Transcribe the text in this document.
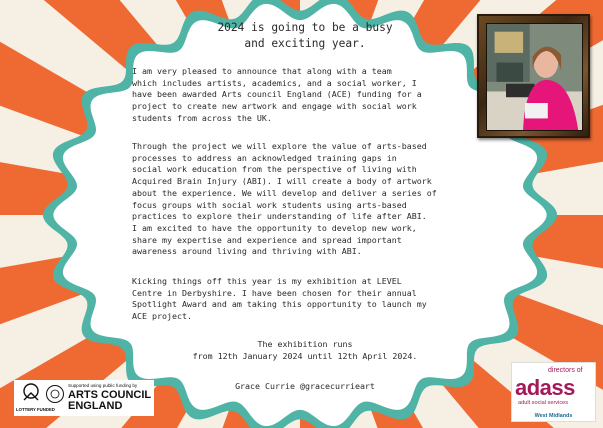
2024 is going to be a busy
and exciting year.
I am very pleased to announce that along with a team
which includes artists, academics, and a social worker, I
have been awarded Arts council England (ACE) funding for a
project to create new artwork and engage with social work
students from across the UK.
Through the project we will explore the value of arts-based
processes to address an acknowledged training gaps in
social work education from the perspective of living with
Acquired Brain Injury (ABI). I will create a body of artwork
about the experience. We will develop and deliver a series of
focus groups with social work students using arts-based
practices to explore their understanding of life after ABI.
I am excited to have the opportunity to develop new work,
share my expertise and experience and spread important
awareness around living and thriving with ABI.
Kicking things off this year is my exhibition at LEVEL
Centre in Derbyshire. I have been chosen for their annual
Spotlight Award and am taking this opportunity to launch my
ACE project.
The exhibition runs
from 12th January 2024 until 12th April 2024.
Grace Currie @gracecurrieart
Supported using public funding by
ARTS COUNCIL
ENGLAND
LOTTERY FUNDED
directors of
adass
adult social services
West Midlands
